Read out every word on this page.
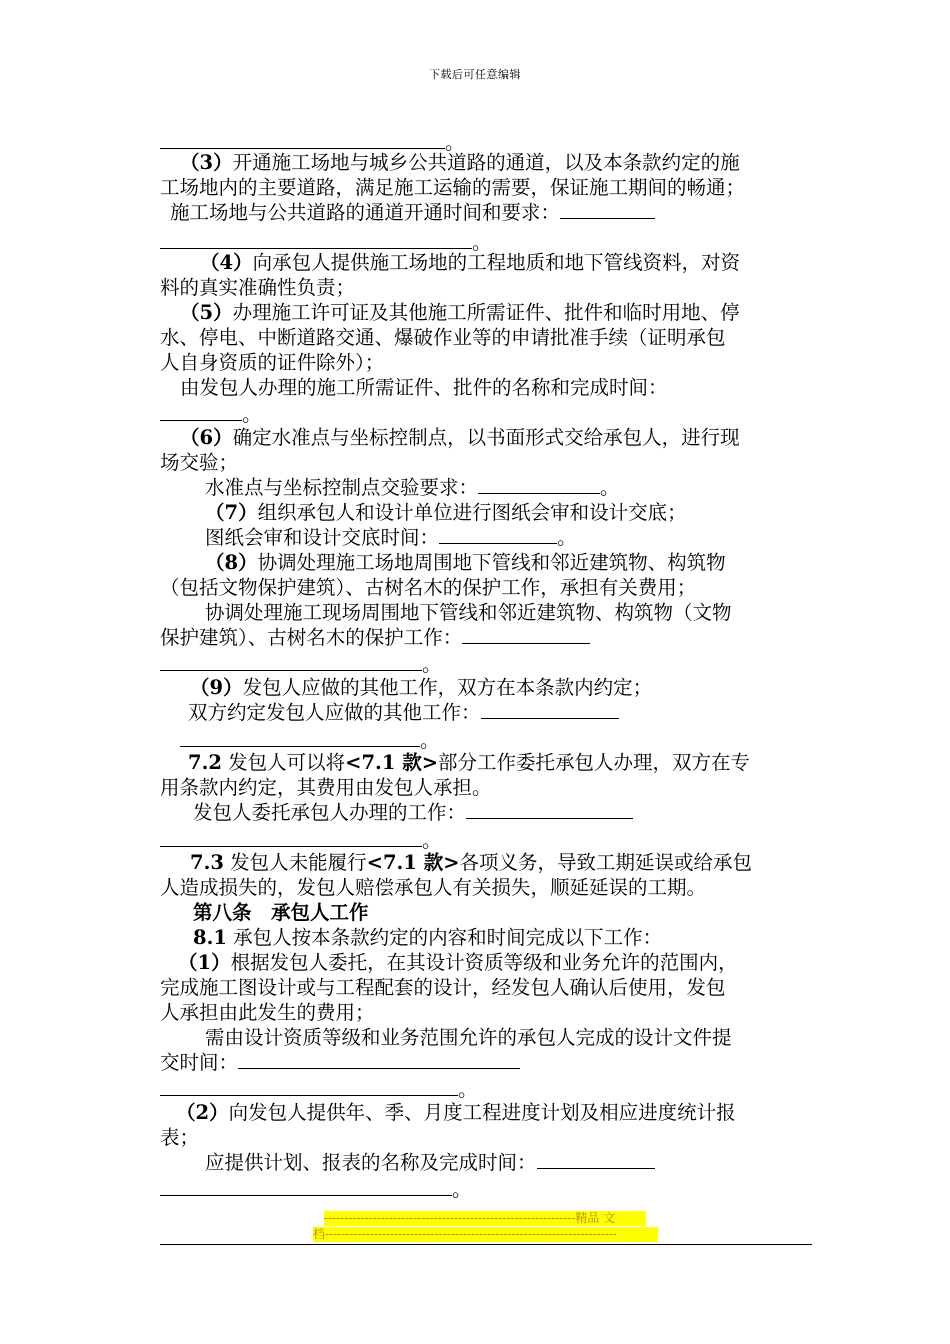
下载后可任意编辑
。
（3）开通施工场地与城乡公共道路的通道，以及本条款约定的施
工场地内的主要道路，满足施工运输的需要，保证施工期间的畅通；
施工场地与公共道路的通道开通时间和要求：
。
（4）向承包人提供施工场地的工程地质和地下管线资料，对资
料的真实准确性负责；
（5）办理施工许可证及其他施工所需证件、批件和临时用地、停
水、停电、中断道路交通、爆破作业等的申请批准手续（证明承包
人自身资质的证件除外）；
由发包人办理的施工所需证件、批件的名称和完成时间：
。
（6）确定水准点与坐标控制点，以书面形式交给承包人，进行现
场交验；
水准点与坐标控制点交验要求：	。
（7）组织承包人和设计单位进行图纸会审和设计交底；
图纸会审和设计交底时间：	。
（8）协调处理施工场地周围地下管线和邻近建筑物、构筑物
（包括文物保护建筑）、古树名木的保护工作，承担有关费用；
协调处理施工现场周围地下管线和邻近建筑物、构筑物（文物
保护建筑）、古树名木的保护工作：
。
（9）发包人应做的其他工作，双方在本条款内约定；
双方约定发包人应做的其他工作：
。
7.2 发包人可以将<7.1 款>部分工作委托承包人办理，双方在专
用条款内约定，其费用由发包人承担。
发包人委托承包人办理的工作：
。
7.3 发包人未能履行<7.1 款>各项义务，导致工期延误或给承包
人造成损失的，发包人赔偿承包人有关损失，顺延延误的工期。
第八条　承包人工作
8.1 承包人按本条款约定的内容和时间完成以下工作：
（1）根据发包人委托，在其设计资质等级和业务允许的范围内，
完成施工图设计或与工程配套的设计，经发包人确认后使用，发包
人承担由此发生的费用；
需由设计资质等级和业务范围允许的承包人完成的设计文件提
交时间：
。
（2）向发包人提供年、季、月度工程进度计划及相应进度统计报
表；
应提供计划、报表的名称及完成时间：
。
--------------------------------------------------------------精品 文
档------------------------------------------------------------------------
